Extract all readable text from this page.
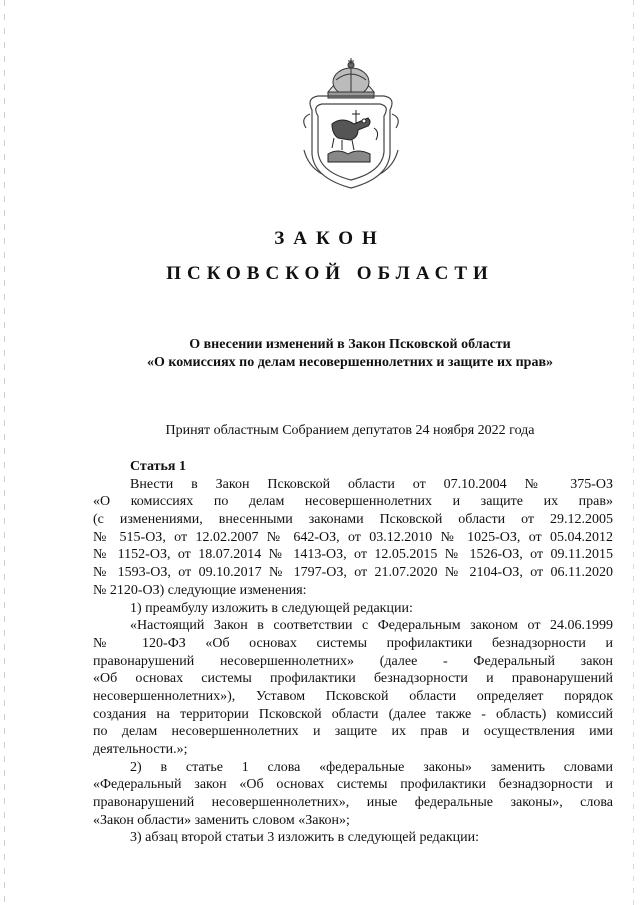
ЗАКОН
ПСКОВСКОЙ ОБЛАСТИ
О внесении изменений в Закон Псковской области
«О комиссиях по делам несовершеннолетних и защите их прав»
Принят областным Собранием депутатов 24 ноября 2022 года
Статья 1
Внести в Закон Псковской области от 07.10.2004 № 375-ОЗ
«О комиссиях по делам несовершеннолетних и защите их прав»
(с изменениями, внесенными законами Псковской области от 29.12.2005
№ 515-ОЗ, от 12.02.2007 № 642-ОЗ, от 03.12.2010 № 1025-ОЗ, от 05.04.2012
№ 1152-ОЗ, от 18.07.2014 № 1413-ОЗ, от 12.05.2015 № 1526-ОЗ, от 09.11.2015
№ 1593-ОЗ, от 09.10.2017 № 1797-ОЗ, от 21.07.2020 № 2104-ОЗ, от 06.11.2020
№ 2120-ОЗ) следующие изменения:
1) преамбулу изложить в следующей редакции:
«Настоящий Закон в соответствии с Федеральным законом от 24.06.1999
№ 120-ФЗ «Об основах системы профилактики безнадзорности и
правонарушений несовершеннолетних» (далее - Федеральный закон
«Об основах системы профилактики безнадзорности и правонарушений
несовершеннолетних»), Уставом Псковской области определяет порядок
создания на территории Псковской области (далее также - область) комиссий
по делам несовершеннолетних и защите их прав и осуществления ими
деятельности.»;
2) в статье 1 слова «федеральные законы» заменить словами
«Федеральный закон «Об основах системы профилактики безнадзорности и
правонарушений несовершеннолетних», иные федеральные законы», слова
«Закон области» заменить словом «Закон»;
3) абзац второй статьи 3 изложить в следующей редакции:
